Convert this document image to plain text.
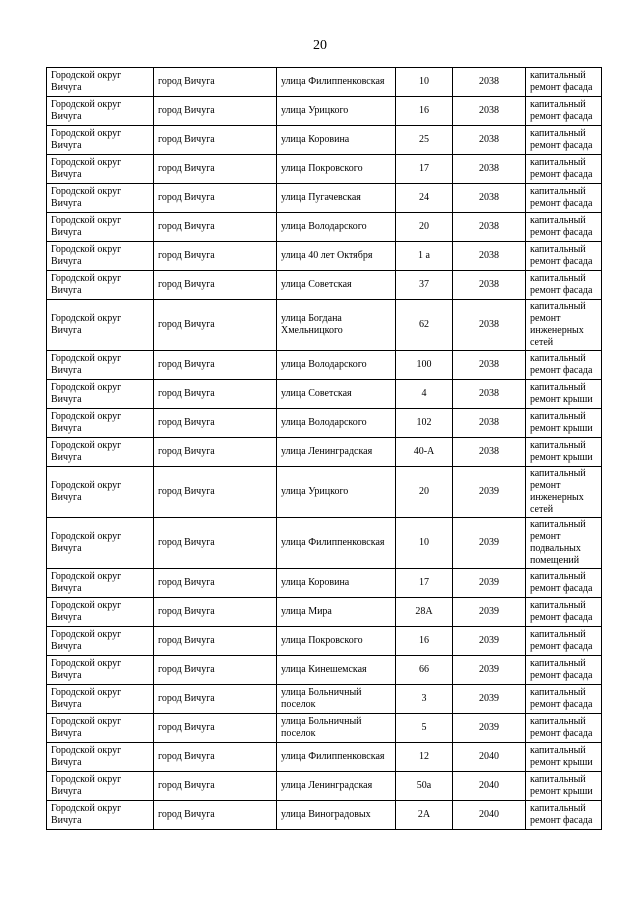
20
Городской округ Вичуга	город Вичуга	улица Филиппенковская	10	2038	капитальный ремонт фасада
Городской округ Вичуга	город Вичуга	улица Урицкого	16	2038	капитальный ремонт фасада
Городской округ Вичуга	город Вичуга	улица Коровина	25	2038	капитальный ремонт фасада
Городской округ Вичуга	город Вичуга	улица Покровского	17	2038	капитальный ремонт фасада
Городской округ Вичуга	город Вичуга	улица Пугачевская	24	2038	капитальный ремонт фасада
Городской округ Вичуга	город Вичуга	улица Володарского	20	2038	капитальный ремонт фасада
Городской округ Вичуга	город Вичуга	улица 40 лет Октября	1 а	2038	капитальный ремонт фасада
Городской округ Вичуга	город Вичуга	улица Советская	37	2038	капитальный ремонт фасада
Городской округ Вичуга	город Вичуга	улица Богдана Хмельницкого	62	2038	капитальный ремонт инженерных сетей
Городской округ Вичуга	город Вичуга	улица Володарского	100	2038	капитальный ремонт фасада
Городской округ Вичуга	город Вичуга	улица Советская	4	2038	капитальный ремонт крыши
Городской округ Вичуга	город Вичуга	улица Володарского	102	2038	капитальный ремонт крыши
Городской округ Вичуга	город Вичуга	улица Ленинградская	40-А	2038	капитальный ремонт крыши
Городской округ Вичуга	город Вичуга	улица Урицкого	20	2039	капитальный ремонт инженерных сетей
Городской округ Вичуга	город Вичуга	улица Филиппенковская	10	2039	капитальный ремонт подвальных помещений
Городской округ Вичуга	город Вичуга	улица Коровина	17	2039	капитальный ремонт фасада
Городской округ Вичуга	город Вичуга	улица Мира	28А	2039	капитальный ремонт фасада
Городской округ Вичуга	город Вичуга	улица Покровского	16	2039	капитальный ремонт фасада
Городской округ Вичуга	город Вичуга	улица Кинешемская	66	2039	капитальный ремонт фасада
Городской округ Вичуга	город Вичуга	улица Больничный поселок	3	2039	капитальный ремонт фасада
Городской округ Вичуга	город Вичуга	улица Больничный поселок	5	2039	капитальный ремонт фасада
Городской округ Вичуга	город Вичуга	улица Филиппенковская	12	2040	капитальный ремонт крыши
Городской округ Вичуга	город Вичуга	улица Ленинградская	50а	2040	капитальный ремонт крыши
Городской округ Вичуга	город Вичуга	улица Виноградовых	2А	2040	капитальный ремонт фасада
